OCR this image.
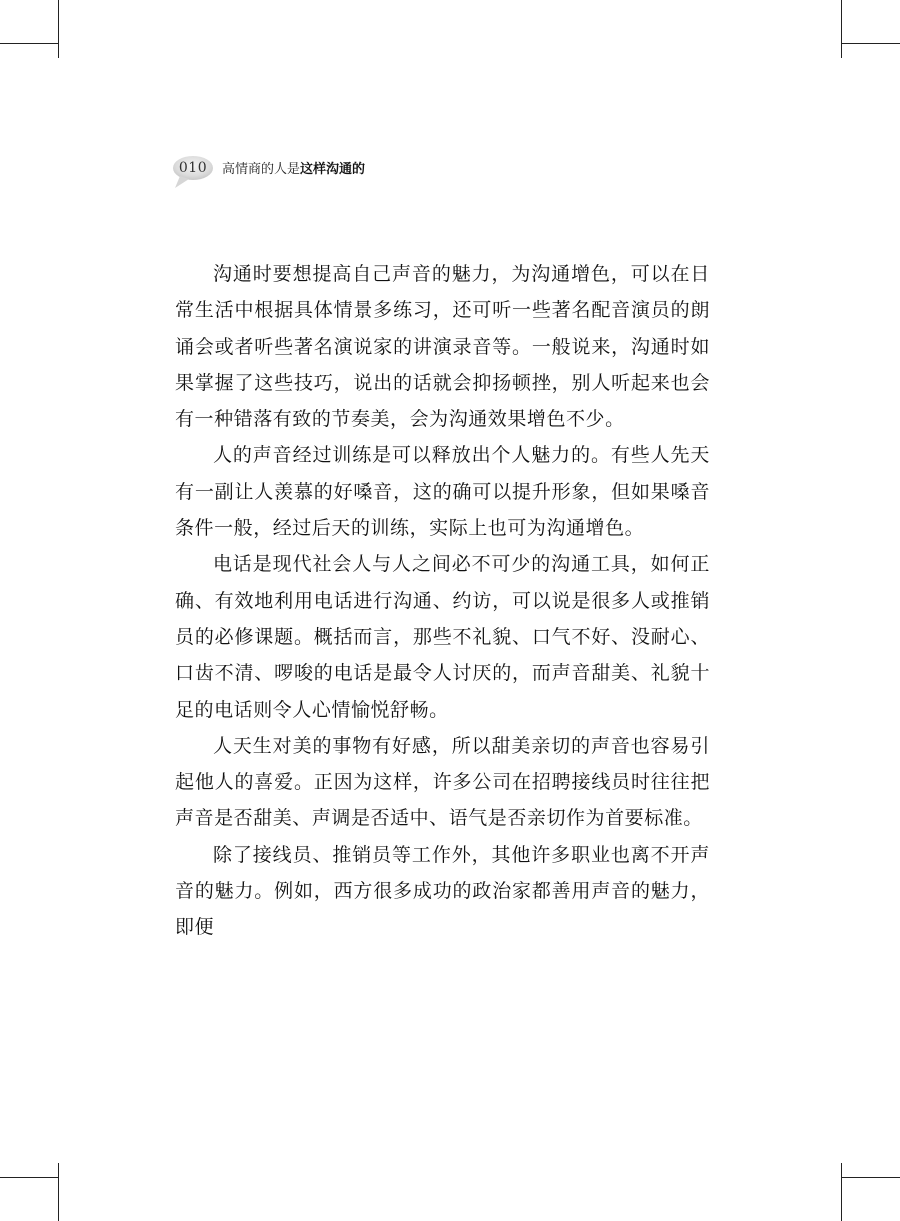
010	高情商的人是这样沟通的

沟通时要想提高自己声音的魅力，为沟通增色，可以在日常生活中根据具体情景多练习，还可听一些著名配音演员的朗诵会或者听些著名演说家的讲演录音等。一般说来，沟通时如果掌握了这些技巧，说出的话就会抑扬顿挫，别人听起来也会有一种错落有致的节奏美，会为沟通效果增色不少。

人的声音经过训练是可以释放出个人魅力的。有些人先天有一副让人羡慕的好嗓音，这的确可以提升形象，但如果嗓音条件一般，经过后天的训练，实际上也可为沟通增色。

电话是现代社会人与人之间必不可少的沟通工具，如何正确、有效地利用电话进行沟通、约访，可以说是很多人或推销员的必修课题。概括而言，那些不礼貌、口气不好、没耐心、口齿不清、啰唆的电话是最令人讨厌的，而声音甜美、礼貌十足的电话则令人心情愉悦舒畅。

人天生对美的事物有好感，所以甜美亲切的声音也容易引起他人的喜爱。正因为这样，许多公司在招聘接线员时往往把声音是否甜美、声调是否适中、语气是否亲切作为首要标准。

除了接线员、推销员等工作外，其他许多职业也离不开声音的魅力。例如，西方很多成功的政治家都善用声音的魅力，即便
